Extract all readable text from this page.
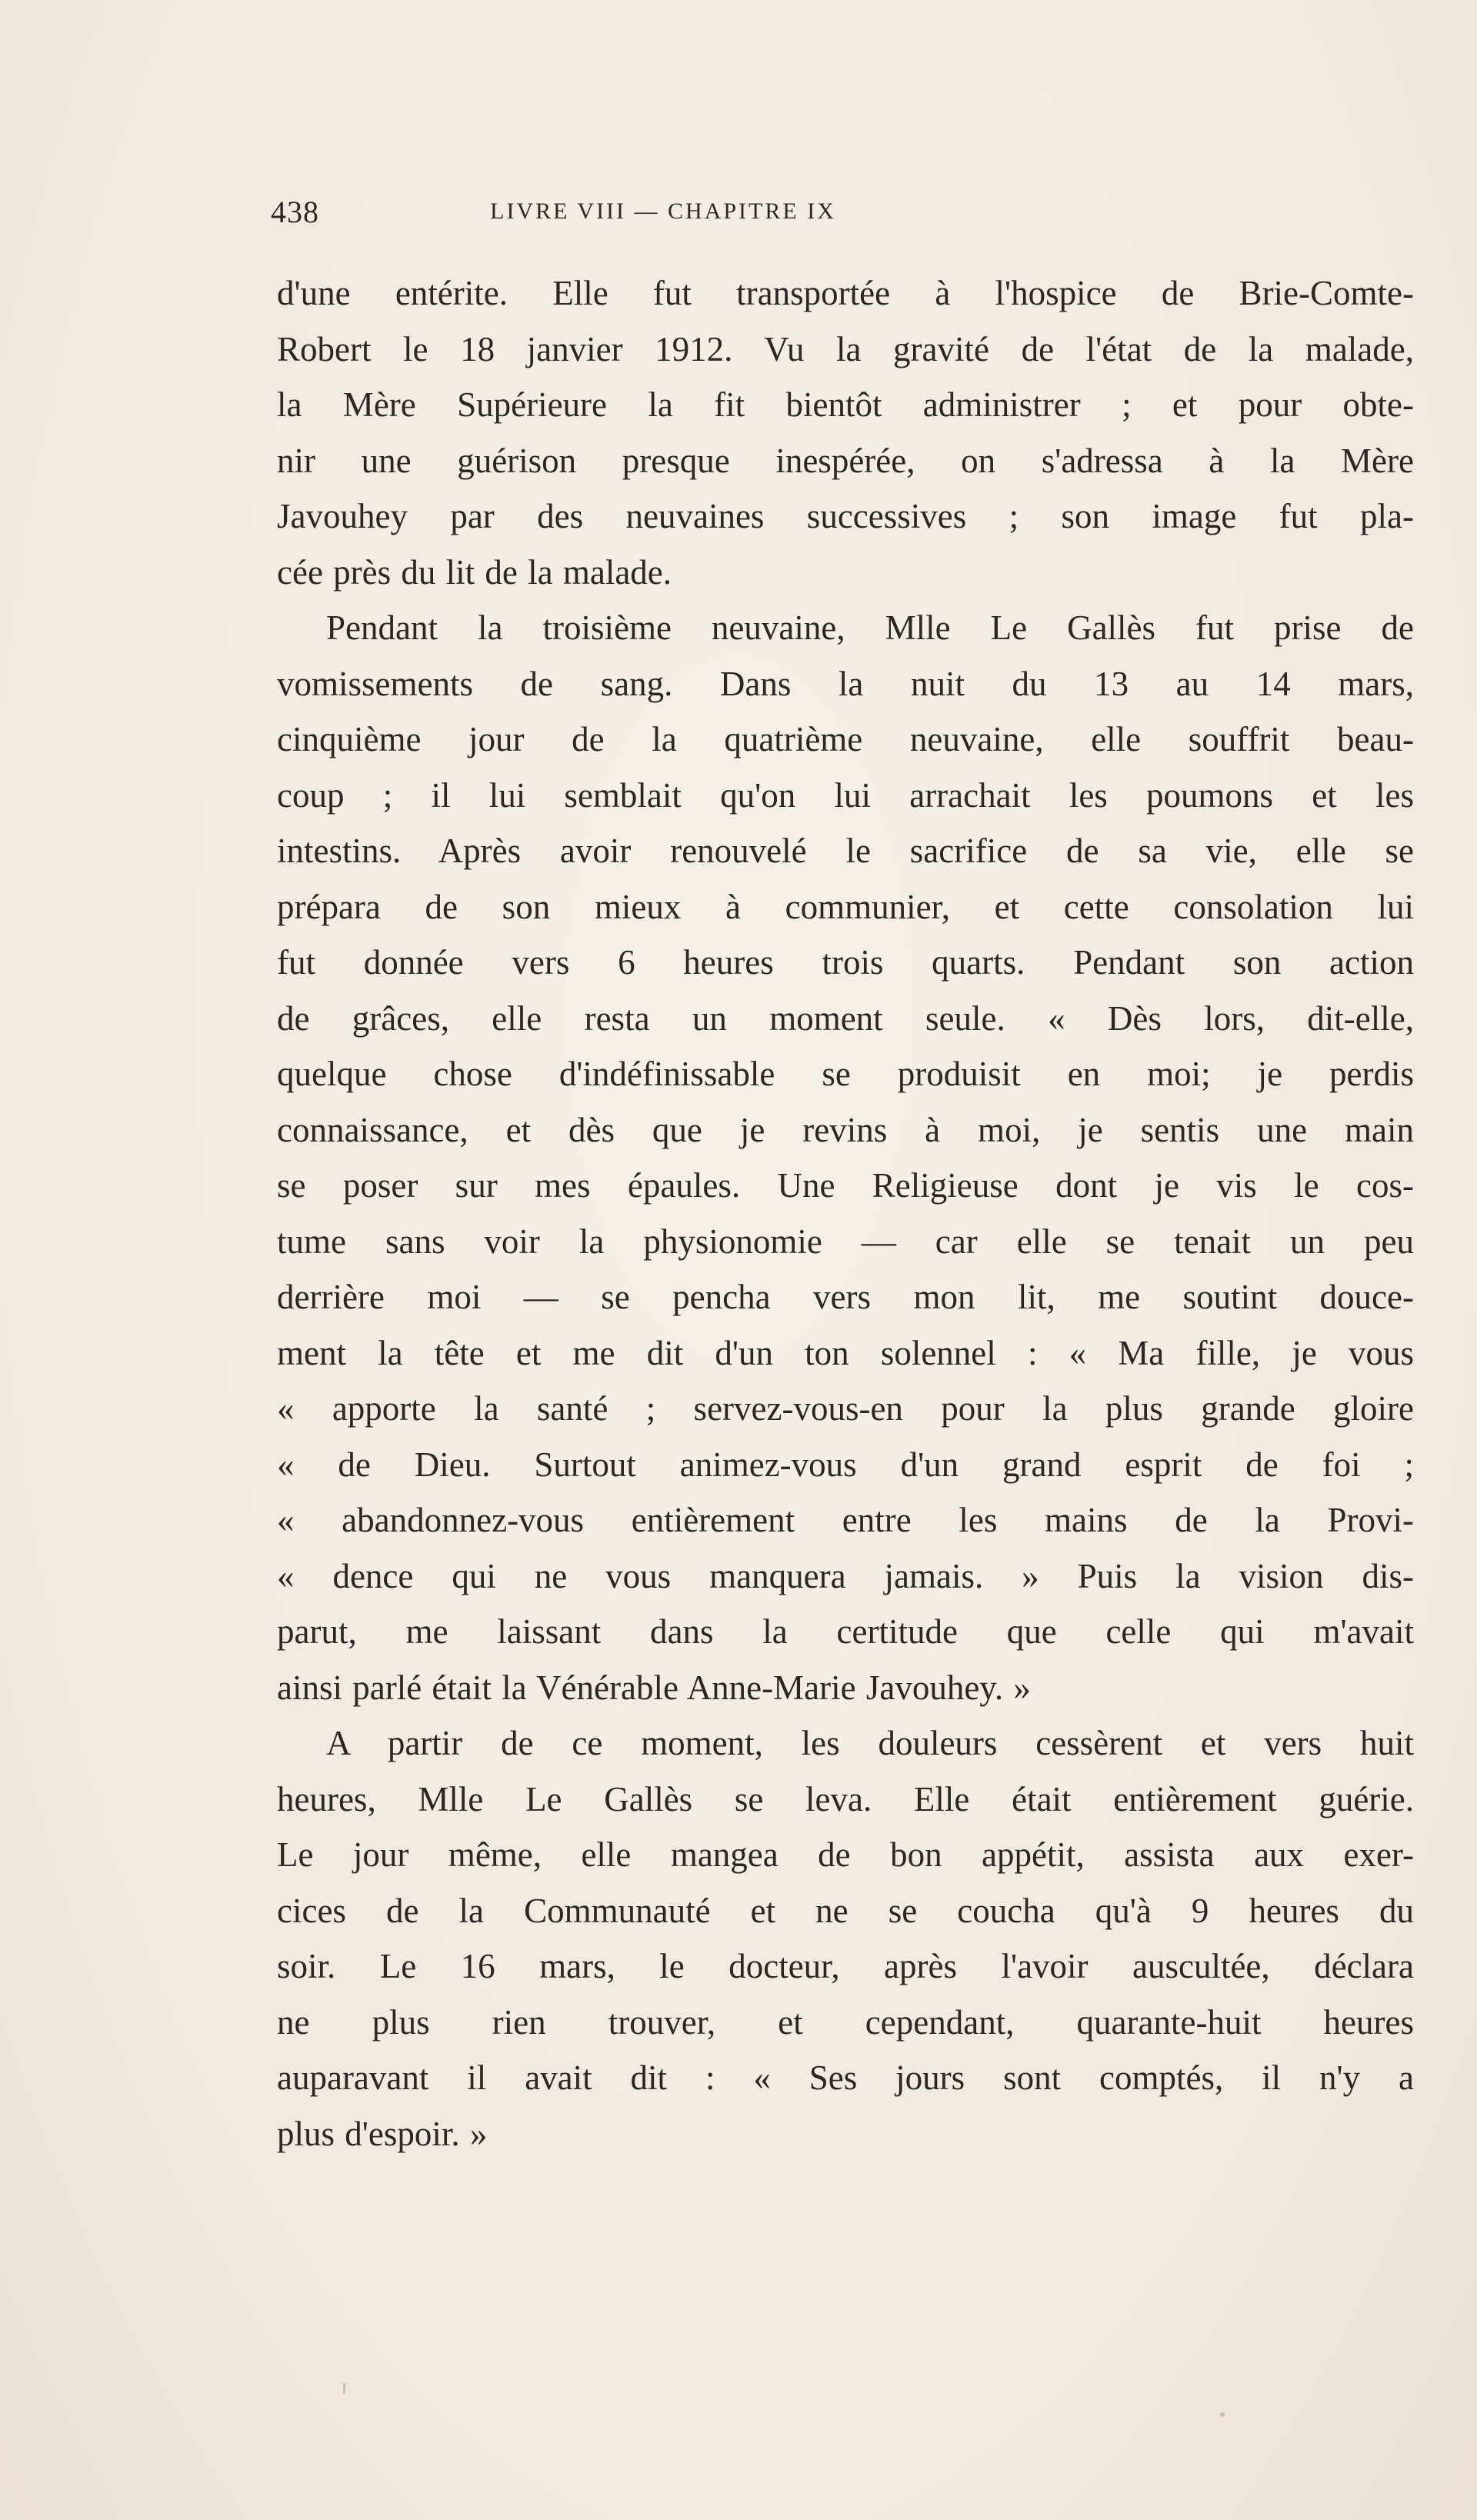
438	LIVRE VIII — CHAPITRE IX
d'une entérite. Elle fut transportée à l'hospice de Brie-Comte-
Robert le 18 janvier 1912. Vu la gravité de l'état de la malade,
la Mère Supérieure la fit bientôt administrer ; et pour obte-
nir une guérison presque inespérée, on s'adressa à la Mère
Javouhey par des neuvaines successives ; son image fut pla-
cée près du lit de la malade.
Pendant la troisième neuvaine, Mlle Le Gallès fut prise de
vomissements de sang. Dans la nuit du 13 au 14 mars,
cinquième jour de la quatrième neuvaine, elle souffrit beau-
coup ; il lui semblait qu'on lui arrachait les poumons et les
intestins. Après avoir renouvelé le sacrifice de sa vie, elle se
prépara de son mieux à communier, et cette consolation lui
fut donnée vers 6 heures trois quarts. Pendant son action
de grâces, elle resta un moment seule. « Dès lors, dit-elle,
quelque chose d'indéfinissable se produisit en moi; je perdis
connaissance, et dès que je revins à moi, je sentis une main
se poser sur mes épaules. Une Religieuse dont je vis le cos-
tume sans voir la physionomie — car elle se tenait un peu
derrière moi — se pencha vers mon lit, me soutint douce-
ment la tête et me dit d'un ton solennel : « Ma fille, je vous
« apporte la santé ; servez-vous-en pour la plus grande gloire
« de Dieu. Surtout animez-vous d'un grand esprit de foi ;
« abandonnez-vous entièrement entre les mains de la Provi-
« dence qui ne vous manquera jamais. » Puis la vision dis-
parut, me laissant dans la certitude que celle qui m'avait
ainsi parlé était la Vénérable Anne-Marie Javouhey. »
A partir de ce moment, les douleurs cessèrent et vers huit
heures, Mlle Le Gallès se leva. Elle était entièrement guérie.
Le jour même, elle mangea de bon appétit, assista aux exer-
cices de la Communauté et ne se coucha qu'à 9 heures du
soir. Le 16 mars, le docteur, après l'avoir auscultée, déclara
ne plus rien trouver, et cependant, quarante-huit heures
auparavant il avait dit : « Ses jours sont comptés, il n'y a
plus d'espoir. »
